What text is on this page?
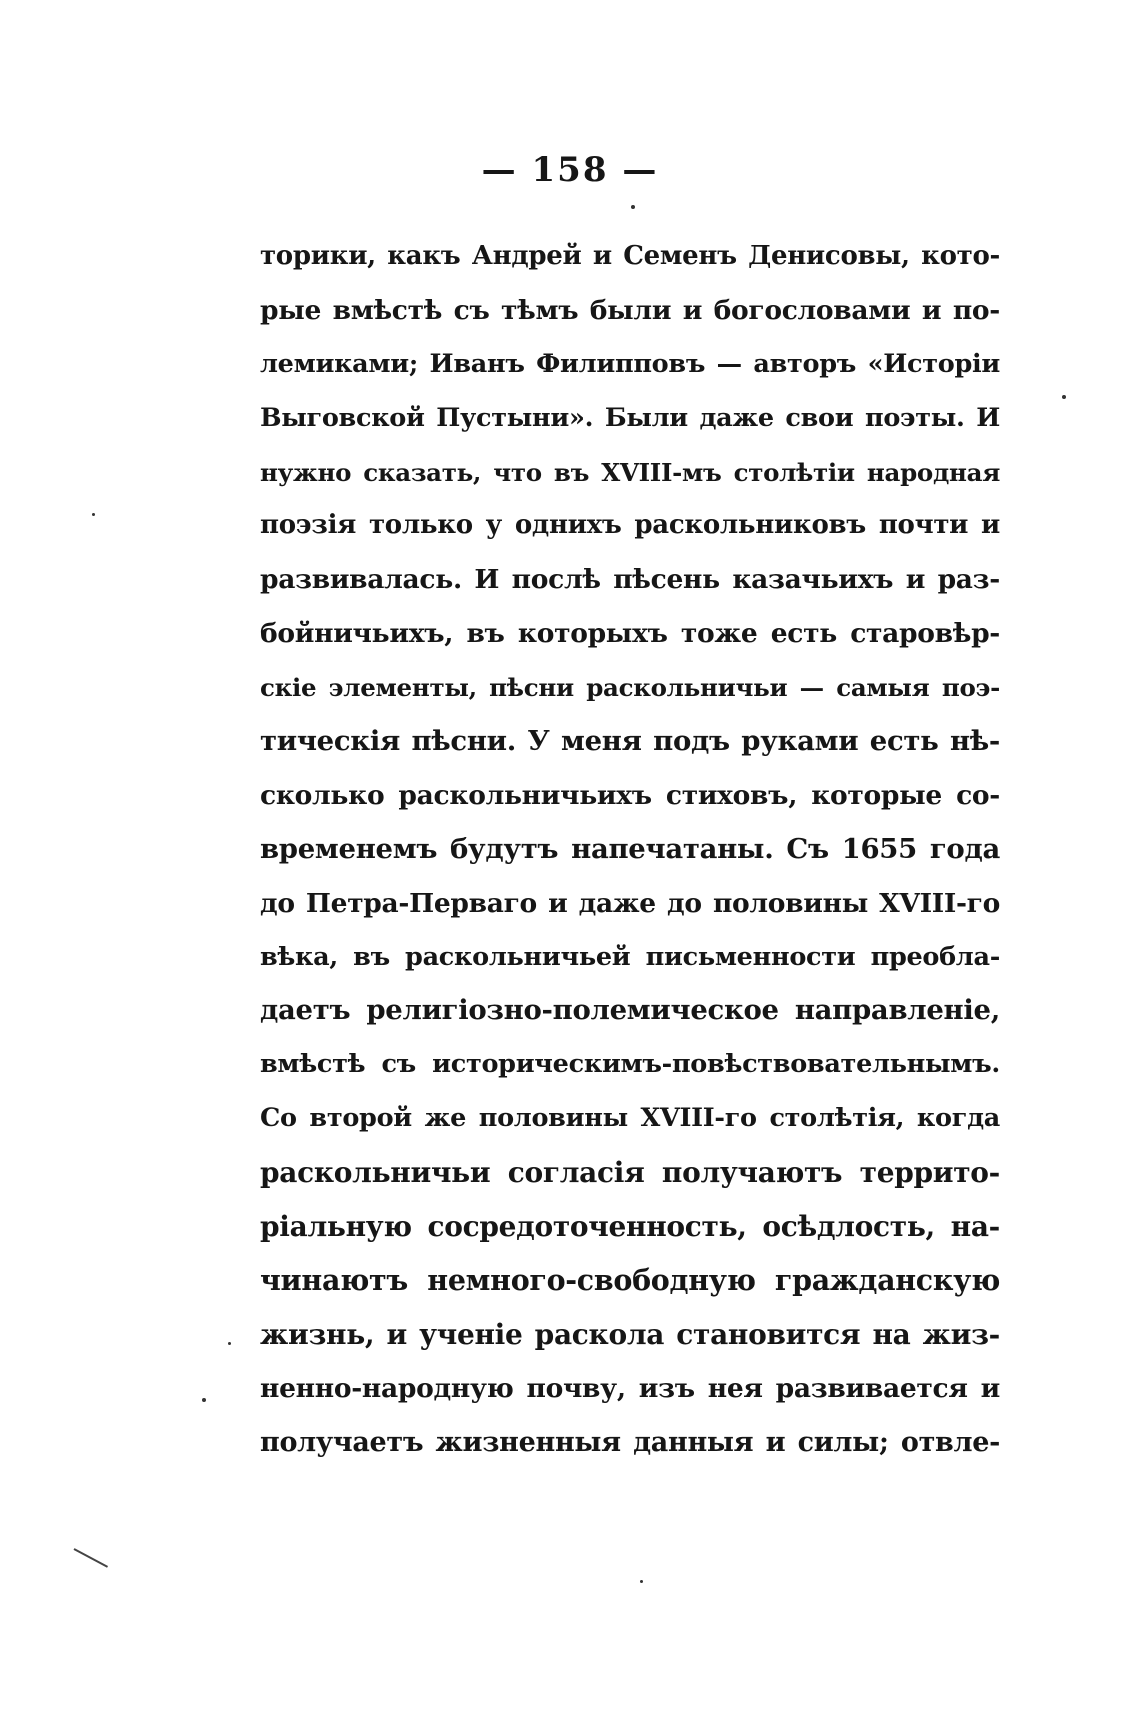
— 158 —
торики, какъ Андрей и Семенъ Денисовы, кото-
рые вмѣстѣ съ тѣмъ были и богословами и по-
лемиками; Иванъ Филипповъ — авторъ «Исторіи
Выговской Пустыни». Были даже свои поэты. И
нужно сказать, что въ XVIII-мъ столѣтіи народная
поэзія только у однихъ раскольниковъ почти и
развивалась. И послѣ пѣсень казачьихъ и раз-
бойничьихъ, въ которыхъ тоже есть старовѣр-
скіе элементы, пѣсни раскольничьи — самыя поэ-
тическія пѣсни. У меня подъ руками есть нѣ-
сколько раскольничьихъ стиховъ, которые со-
временемъ будутъ напечатаны. Съ 1655 года
до Петра-Перваго и даже до половины XVIII-го
вѣка, въ раскольничьей письменности преобла-
даетъ религіозно-полемическое направленіе,
вмѣстѣ съ историческимъ-повѣствовательнымъ.
Со второй же половины XVIII-го столѣтія, когда
раскольничьи согласія получаютъ террито-
ріальную сосредоточенность, осѣдлость, на-
чинаютъ немного-свободную гражданскую
жизнь, и ученіе раскола становится на жиз-
ненно-народную почву, изъ нея развивается и
получаетъ жизненныя данныя и силы; отвле-
